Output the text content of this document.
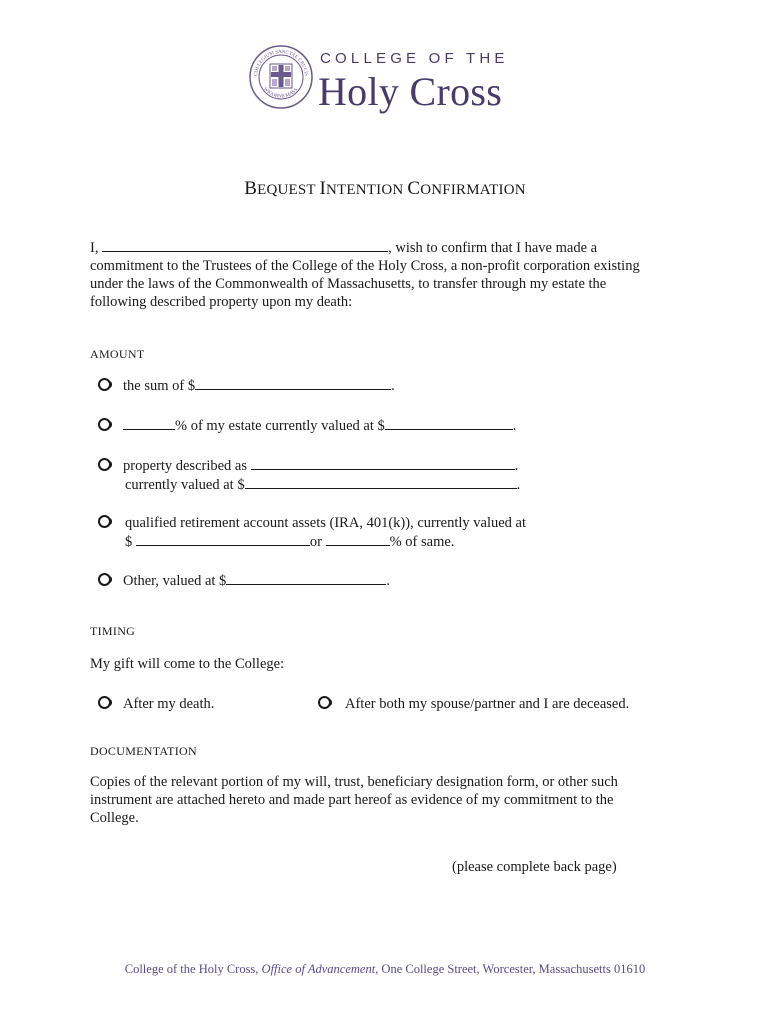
COLLEGIUM SANCTAE CRUCIS
WIGORNII MASS.
COLLEGE OF THE
Holy Cross
BEQUEST INTENTION CONFIRMATION
I,	, wish to confirm that I have made a
commitment to the Trustees of the College of the Holy Cross, a non-profit corporation existing
under the laws of the Commonwealth of Massachusetts, to transfer through my estate the
following described property upon my death:
AMOUNT
the sum of $	.
% of my estate currently valued at $	.
property described as	.
currently valued at $	.
qualified retirement account assets (IRA, 401(k)), currently valued at
$	or	% of same.
Other, valued at $	.
TIMING
My gift will come to the College:
After my death.	After both my spouse/partner and I are deceased.
DOCUMENTATION
Copies of the relevant portion of my will, trust, beneficiary designation form, or other such
instrument are attached hereto and made part hereof as evidence of my commitment to the
College.
(please complete back page)
College of the Holy Cross, Office of Advancement, One College Street, Worcester, Massachusetts 01610
